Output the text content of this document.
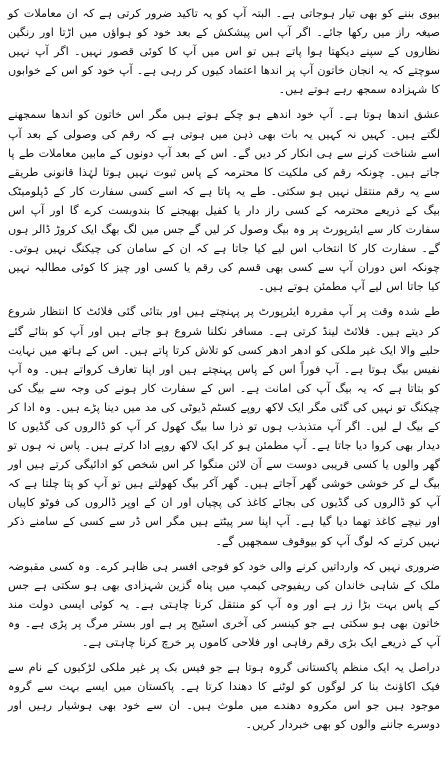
بیوی بننے کو بھی تیار ہوجاتی ہے۔ البتہ آپ کو یہ تاکید ضرور کرتی ہے کہ ان معاملات کو صیغہ راز میں رکھا جائے۔ اگر آپ اس پیشکش کے بعد خود کو ہواؤں میں اڑتا اور رنگین نظاروں کے سپنے دیکھتا ہوا پاتے ہیں تو اس میں آپ کا کوئی قصور نہیں۔ اگر آپ نہیں سوچتے کہ یہ انجان خاتون آپ پر اندھا اعتماد کیوں کر رہی ہے۔ آپ خود کو اس کے خوابوں کا شہزادہ سمجھ رہے ہوتے ہیں۔

عشق اندھا ہوتا ہے۔ آپ خود اندھے ہو چکے ہوتے ہیں مگر اس خاتون کو اندھا سمجھنے لگتے ہیں۔ کہیں نہ کہیں یہ بات بھی ذہن میں ہوتی ہے کہ رقم کی وصولی کے بعد آپ اسے شناخت کرنے سے ہی انکار کر دیں گے۔ اس کے بعد آپ دونوں کے مابین معاملات طے پا جاتے ہیں۔ چونکہ رقم کی ملکیت کا محترمہ کے پاس ثبوت نہیں ہوتا لہٰذا قانونی طریقے سے یہ رقم منتقل نہیں ہو سکتی۔ طے یہ پاتا ہے کہ اسے کسی سفارت کار کے ڈپلومیٹک بیگ کے ذریعے محترمہ کے کسی راز دار یا کفیل بھیجنے کا بندوبست کرے گا اور آپ اس سفارت کار سے ایئرپورٹ پر وہ بیگ وصول کر لیں گے جس میں لگ بھگ ایک کروڑ ڈالر ہوں گے۔ سفارت کار کا انتخاب اس لیے کیا جاتا ہے کہ ان کے سامان کی چیکنگ نہیں ہوتی۔ چونکہ اس دوران آپ سے کسی بھی قسم کی رقم یا کسی اور چیز کا کوئی مطالبہ نہیں کیا جاتا اس لیے آپ مطمئن ہوتے ہیں۔

طے شدہ وقت پر آپ مقررہ ایئرپورٹ پر پہنچتے ہیں اور بتائی گئی فلائٹ کا انتظار شروع کر دیتے ہیں۔ فلائٹ لینڈ کرتی ہے۔ مسافر نکلنا شروع ہو جاتے ہیں اور آپ کو بتائے گئے حلیے والا ایک غیر ملکی کو ادھر ادھر کسی کو تلاش کرتا پاتے ہیں۔ اس کے ہاتھ میں نہایت نفیس بیگ ہوتا ہے۔ آپ فوراً اس کے پاس پہنچتے ہیں اور اپنا تعارف کرواتے ہیں۔ وہ آپ کو بتاتا ہے کہ یہ بیگ آپ کی امانت ہے۔ اس کے سفارت کار ہونے کی وجہ سے بیگ کی چیکنگ تو نہیں کی گئی مگر ایک لاکھ روپے کسٹم ڈیوٹی کی مد میں دینا پڑے ہیں۔ وہ ادا کر کے بیگ لے لیں۔ اگر آپ متذبذب ہوں تو ذرا سا بیگ کھول کر آپ کو ڈالروں کی گڈیوں کا دیدار بھی کروا دیا جاتا ہے۔ آپ مطمئن ہو کر ایک لاکھ روپے ادا کرتے ہیں۔ پاس نہ ہوں تو گھر والوں یا کسی قریبی دوست سے آن لائن منگوا کر اس شخص کو ادائیگی کرتے ہیں اور بیگ لے کر خوشی خوشی گھر آجاتے ہیں۔ گھر آکر بیگ کھولتے ہیں تو آپ کو پتا چلتا ہے کہ آپ کو ڈالروں کی گڈیوں کی بجائے کاغذ کی پچیاں اور ان کے اوپر ڈالروں کی فوٹو کاپیاں اور نیچے کاغذ تھما دیا گیا ہے۔ آپ اپنا سر پیٹتے ہیں مگر اس ڈر سے کسی کے سامنے ذکر نہیں کرتے کہ لوگ آپ کو بیوقوف سمجھیں گے۔

ضروری نہیں کہ وارداتیں کرنے والی خود کو فوجی افسر ہی ظاہر کرے۔ وہ کسی مقبوضہ ملک کے شاہی خاندان کی ریفیوجی کیمپ میں پناہ گزین شہزادی بھی ہو سکتی ہے جس کے پاس بہت بڑا زر ہے اور وہ آپ کو منتقل کرنا چاہتی ہے۔ یہ کوئی ایسی دولت مند خاتون بھی ہو سکتی ہے جو کینسر کی آخری اسٹیج پر ہے اور بستر مرگ پر پڑی ہے۔ وہ آپ کے ذریعے ایک بڑی رقم رفاہی اور فلاحی کاموں پر خرچ کرنا چاہتی ہے۔

دراصل یہ ایک منظم پاکستانی گروہ ہوتا ہے جو فیس بک پر غیر ملکی لڑکیوں کے نام سے فیک اکاؤنٹ بنا کر لوگوں کو لوٹنے کا دھندا کرتا ہے۔ پاکستان میں ایسے بہت سے گروہ موجود ہیں جو اس مکروہ دھندے میں ملوث ہیں۔ ان سے خود بھی ہوشیار رہیں اور دوسرے جاننے والوں کو بھی خبردار کریں۔
